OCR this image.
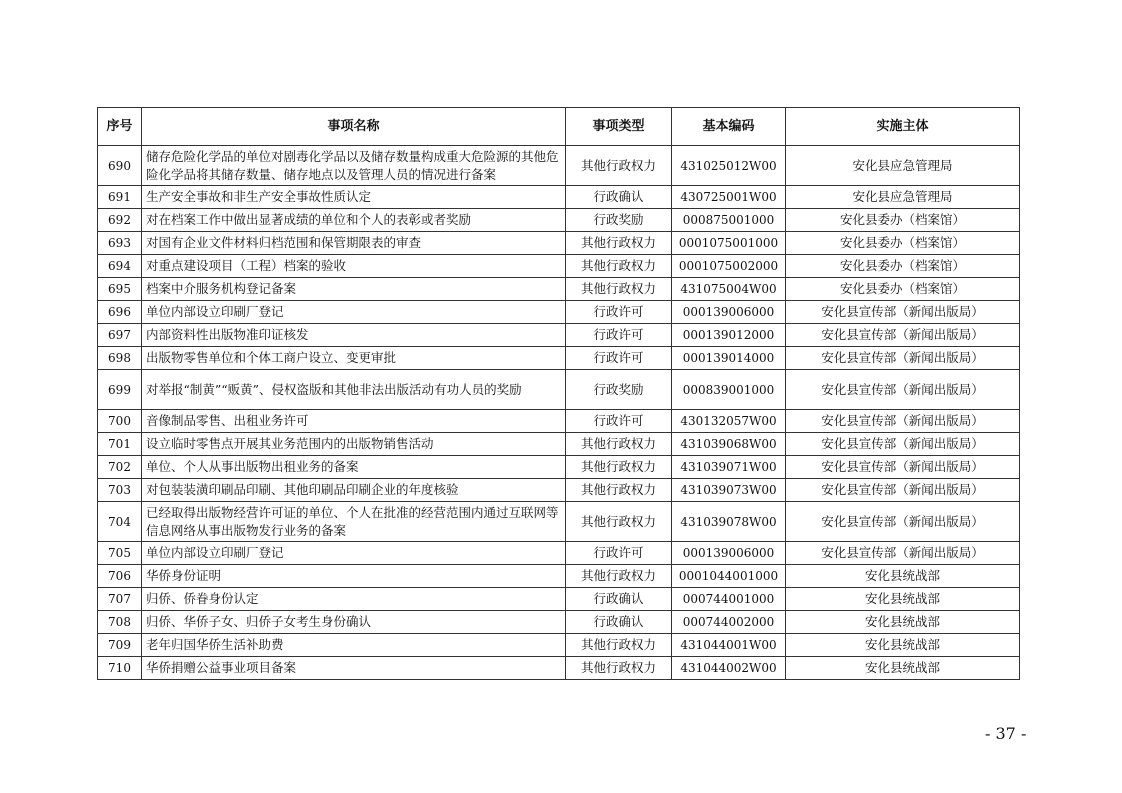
序号	事项名称	事项类型	基本编码	实施主体
690	储存危险化学品的单位对剧毒化学品以及储存数量构成重大危险源的其他危险化学品将其储存数量、储存地点以及管理人员的情况进行备案	其他行政权力	431025012W00	安化县应急管理局
691	生产安全事故和非生产安全事故性质认定	行政确认	430725001W00	安化县应急管理局
692	对在档案工作中做出显著成绩的单位和个人的表彰或者奖励	行政奖励	000875001000	安化县委办（档案馆）
693	对国有企业文件材料归档范围和保管期限表的审查	其他行政权力	0001075001000	安化县委办（档案馆）
694	对重点建设项目（工程）档案的验收	其他行政权力	0001075002000	安化县委办（档案馆）
695	档案中介服务机构登记备案	其他行政权力	431075004W00	安化县委办（档案馆）
696	单位内部设立印刷厂登记	行政许可	000139006000	安化县宣传部（新闻出版局）
697	内部资料性出版物准印证核发	行政许可	000139012000	安化县宣传部（新闻出版局）
698	出版物零售单位和个体工商户设立、变更审批	行政许可	000139014000	安化县宣传部（新闻出版局）
699	对举报“制黄”“贩黄”、侵权盗版和其他非法出版活动有功人员的奖励	行政奖励	000839001000	安化县宣传部（新闻出版局）
700	音像制品零售、出租业务许可	行政许可	430132057W00	安化县宣传部（新闻出版局）
701	设立临时零售点开展其业务范围内的出版物销售活动	其他行政权力	431039068W00	安化县宣传部（新闻出版局）
702	单位、个人从事出版物出租业务的备案	其他行政权力	431039071W00	安化县宣传部（新闻出版局）
703	对包装装潢印刷品印刷、其他印刷品印刷企业的年度核验	其他行政权力	431039073W00	安化县宣传部（新闻出版局）
704	已经取得出版物经营许可证的单位、个人在批准的经营范围内通过互联网等信息网络从事出版物发行业务的备案	其他行政权力	431039078W00	安化县宣传部（新闻出版局）
705	单位内部设立印刷厂登记	行政许可	000139006000	安化县宣传部（新闻出版局）
706	华侨身份证明	其他行政权力	0001044001000	安化县统战部
707	归侨、侨眷身份认定	行政确认	000744001000	安化县统战部
708	归侨、华侨子女、归侨子女考生身份确认	行政确认	000744002000	安化县统战部
709	老年归国华侨生活补助费	其他行政权力	431044001W00	安化县统战部
710	华侨捐赠公益事业项目备案	其他行政权力	431044002W00	安化县统战部
- 37 -
